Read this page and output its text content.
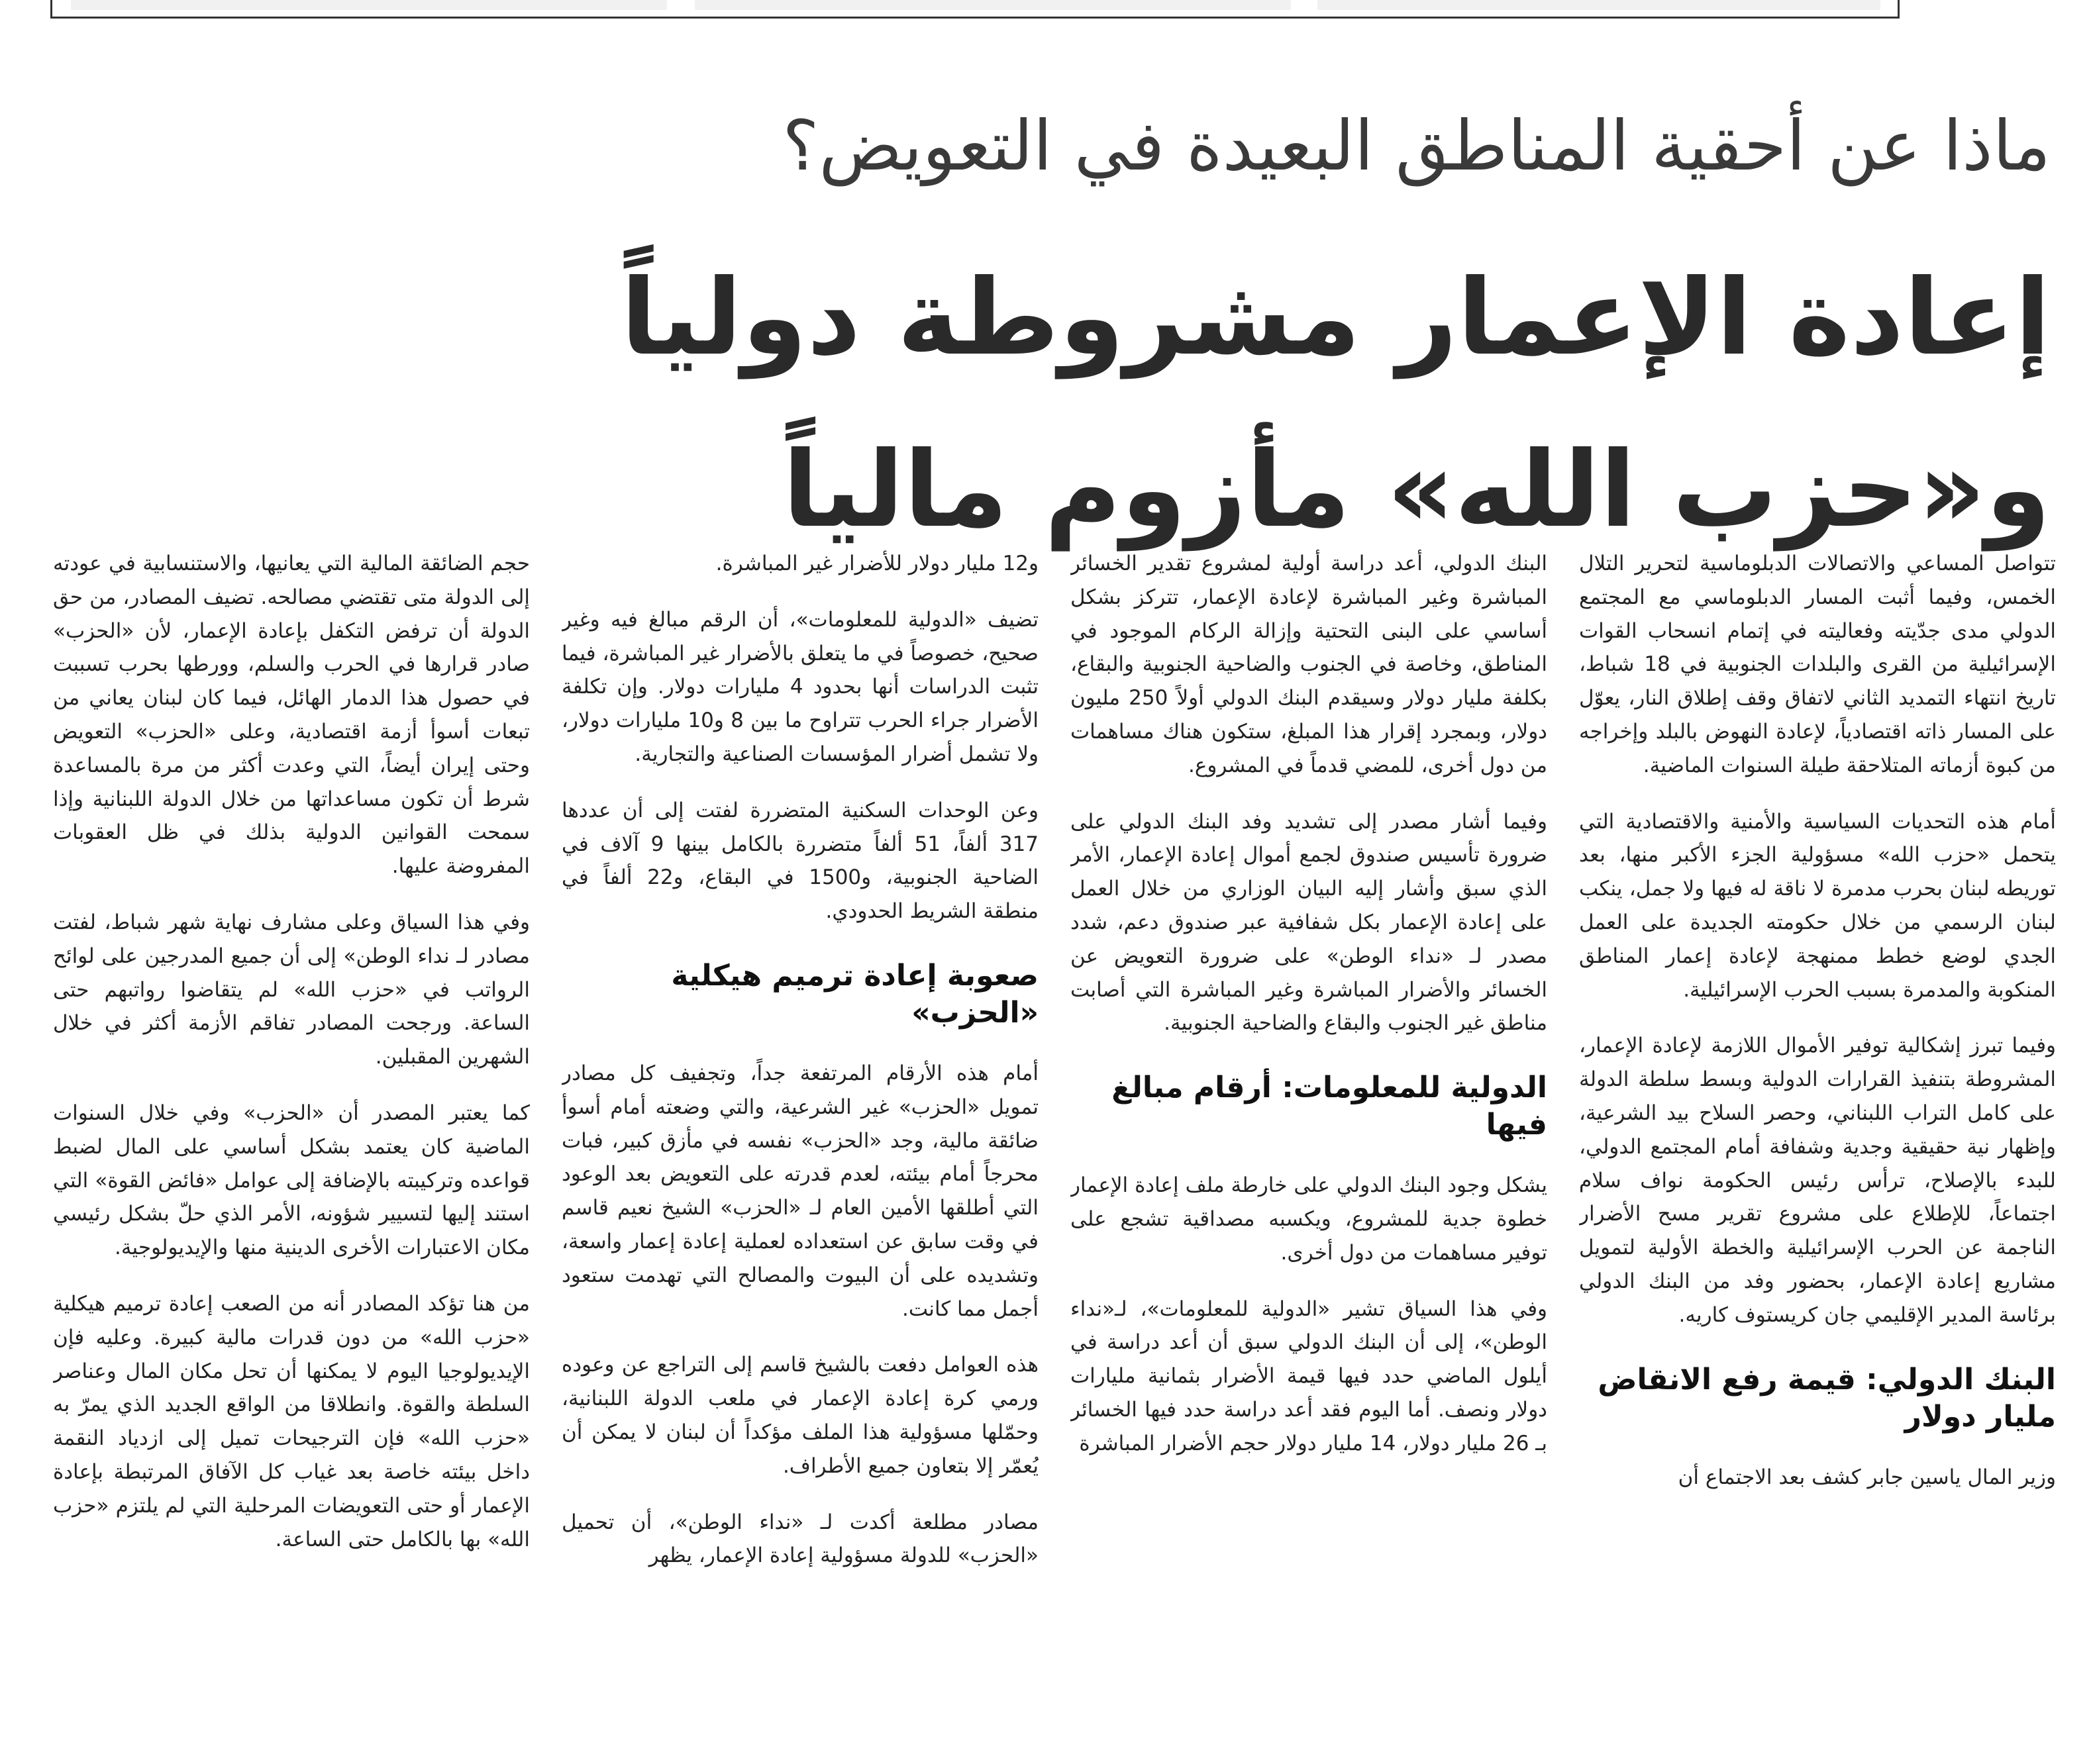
ماذا عن أحقية المناطق البعيدة في التعويض؟
إعادة الإعمار مشروطة دولياً
و«حزب الله» مأزوم مالياً

تتواصل المساعي والاتصالات الدبلوماسية لتحرير التلال الخمس، وفيما أثبت المسار الدبلوماسي مع المجتمع الدولي مدى جدّيته وفعاليته في إتمام انسحاب القوات الإسرائيلية من القرى والبلدات الجنوبية في 18 شباط، تاريخ انتهاء التمديد الثاني لاتفاق وقف إطلاق النار، يعوّل على المسار ذاته اقتصادياً، لإعادة النهوض بالبلد وإخراجه من كبوة أزماته المتلاحقة طيلة السنوات الماضية.

أمام هذه التحديات السياسية والأمنية والاقتصادية التي يتحمل «حزب الله» مسؤولية الجزء الأكبر منها، بعد توريطه لبنان بحرب مدمرة لا ناقة له فيها ولا جمل، ينكب لبنان الرسمي من خلال حكومته الجديدة على العمل الجدي لوضع خطط ممنهجة لإعادة إعمار المناطق المنكوبة والمدمرة بسبب الحرب الإسرائيلية.

وفيما تبرز إشكالية توفير الأموال اللازمة لإعادة الإعمار، المشروطة بتنفيذ القرارات الدولية وبسط سلطة الدولة على كامل التراب اللبناني، وحصر السلاح بيد الشرعية، وإظهار نية حقيقية وجدية وشفافة أمام المجتمع الدولي، للبدء بالإصلاح، ترأس رئيس الحكومة نواف سلام اجتماعاً، للإطلاع على مشروع تقرير مسح الأضرار الناجمة عن الحرب الإسرائيلية والخطة الأولية لتمويل مشاريع إعادة الإعمار، بحضور وفد من البنك الدولي برئاسة المدير الإقليمي جان كريستوف كاريه.

البنك الدولي: قيمة رفع الانقاض مليار دولار

وزير المال ياسين جابر كشف بعد الاجتماع أن

البنك الدولي، أعد دراسة أولية لمشروع تقدير الخسائر المباشرة وغير المباشرة لإعادة الإعمار، تتركز بشكل أساسي على البنى التحتية وإزالة الركام الموجود في المناطق، وخاصة في الجنوب والضاحية الجنوبية والبقاع، بكلفة مليار دولار وسيقدم البنك الدولي أولاً 250 مليون دولار، وبمجرد إقرار هذا المبلغ، ستكون هناك مساهمات من دول أخرى، للمضي قدماً في المشروع.

وفيما أشار مصدر إلى تشديد وفد البنك الدولي على ضرورة تأسيس صندوق لجمع أموال إعادة الإعمار، الأمر الذي سبق وأشار إليه البيان الوزاري من خلال العمل على إعادة الإعمار بكل شفافية عبر صندوق دعم، شدد مصدر لـ «نداء الوطن» على ضرورة التعويض عن الخسائر والأضرار المباشرة وغير المباشرة التي أصابت مناطق غير الجنوب والبقاع والضاحية الجنوبية.

الدولية للمعلومات: أرقام مبالغ فيها

يشكل وجود البنك الدولي على خارطة ملف إعادة الإعمار خطوة جدية للمشروع، ويكسبه مصداقية تشجع على توفير مساهمات من دول أخرى.

وفي هذا السياق تشير «الدولية للمعلومات»، لـ«نداء الوطن»، إلى أن البنك الدولي سبق أن أعد دراسة في أيلول الماضي حدد فيها قيمة الأضرار بثمانية مليارات دولار ونصف. أما اليوم فقد أعد دراسة حدد فيها الخسائر بـ 26 مليار دولار، 14 مليار دولار حجم الأضرار المباشرة

و12 مليار دولار للأضرار غير المباشرة.

تضيف «الدولية للمعلومات»، أن الرقم مبالغ فيه وغير صحيح، خصوصاً في ما يتعلق بالأضرار غير المباشرة، فيما تثبت الدراسات أنها بحدود 4 مليارات دولار. وإن تكلفة الأضرار جراء الحرب تتراوح ما بين 8 و10 مليارات دولار، ولا تشمل أضرار المؤسسات الصناعية والتجارية.

وعن الوحدات السكنية المتضررة لفتت إلى أن عددها 317 ألفاً، 51 ألفاً متضررة بالكامل بينها 9 آلاف في الضاحية الجنوبية، و1500 في البقاع، و22 ألفاً في منطقة الشريط الحدودي.

صعوبة إعادة ترميم هيكلية «الحزب»

أمام هذه الأرقام المرتفعة جداً، وتجفيف كل مصادر تمويل «الحزب» غير الشرعية، والتي وضعته أمام أسوأ ضائقة مالية، وجد «الحزب» نفسه في مأزق كبير، فبات محرجاً أمام بيئته، لعدم قدرته على التعويض بعد الوعود التي أطلقها الأمين العام لـ «الحزب» الشيخ نعيم قاسم في وقت سابق عن استعداده لعملية إعادة إعمار واسعة، وتشديده على أن البيوت والمصالح التي تهدمت ستعود أجمل مما كانت.

هذه العوامل دفعت بالشيخ قاسم إلى التراجع عن وعوده ورمي كرة إعادة الإعمار في ملعب الدولة اللبنانية، وحمّلها مسؤولية هذا الملف مؤكداً أن لبنان لا يمكن أن يُعمّر إلا بتعاون جميع الأطراف.

مصادر مطلعة أكدت لـ «نداء الوطن»، أن تحميل «الحزب» للدولة مسؤولية إعادة الإعمار، يظهر

حجم الضائقة المالية التي يعانيها، والاستنسابية في عودته إلى الدولة متى تقتضي مصالحه. تضيف المصادر، من حق الدولة أن ترفض التكفل بإعادة الإعمار، لأن «الحزب» صادر قرارها في الحرب والسلم، وورطها بحرب تسببت في حصول هذا الدمار الهائل، فيما كان لبنان يعاني من تبعات أسوأ أزمة اقتصادية، وعلى «الحزب» التعويض وحتى إيران أيضاً، التي وعدت أكثر من مرة بالمساعدة شرط أن تكون مساعداتها من خلال الدولة اللبنانية وإذا سمحت القوانين الدولية بذلك في ظل العقوبات المفروضة عليها.

وفي هذا السياق وعلى مشارف نهاية شهر شباط، لفتت مصادر لـ نداء الوطن» إلى أن جميع المدرجين على لوائح الرواتب في «حزب الله» لم يتقاضوا رواتبهم حتى الساعة. ورجحت المصادر تفاقم الأزمة أكثر في خلال الشهرين المقبلين.

كما يعتبر المصدر أن «الحزب» وفي خلال السنوات الماضية كان يعتمد بشكل أساسي على المال لضبط قواعده وتركيبته بالإضافة إلى عوامل «فائض القوة» التي استند إليها لتسيير شؤونه، الأمر الذي حلّ بشكل رئيسي مكان الاعتبارات الأخرى الدينية منها والإيديولوجية.

من هنا تؤكد المصادر أنه من الصعب إعادة ترميم هيكلية «حزب الله» من دون قدرات مالية كبيرة. وعليه فإن الإيديولوجيا اليوم لا يمكنها أن تحل مكان المال وعناصر السلطة والقوة. وانطلاقا من الواقع الجديد الذي يمرّ به «حزب الله» فإن الترجيحات تميل إلى ازدياد النقمة داخل بيئته خاصة بعد غياب كل الآفاق المرتبطة بإعادة الإعمار أو حتى التعويضات المرحلية التي لم يلتزم «حزب الله» بها بالكامل حتى الساعة.
